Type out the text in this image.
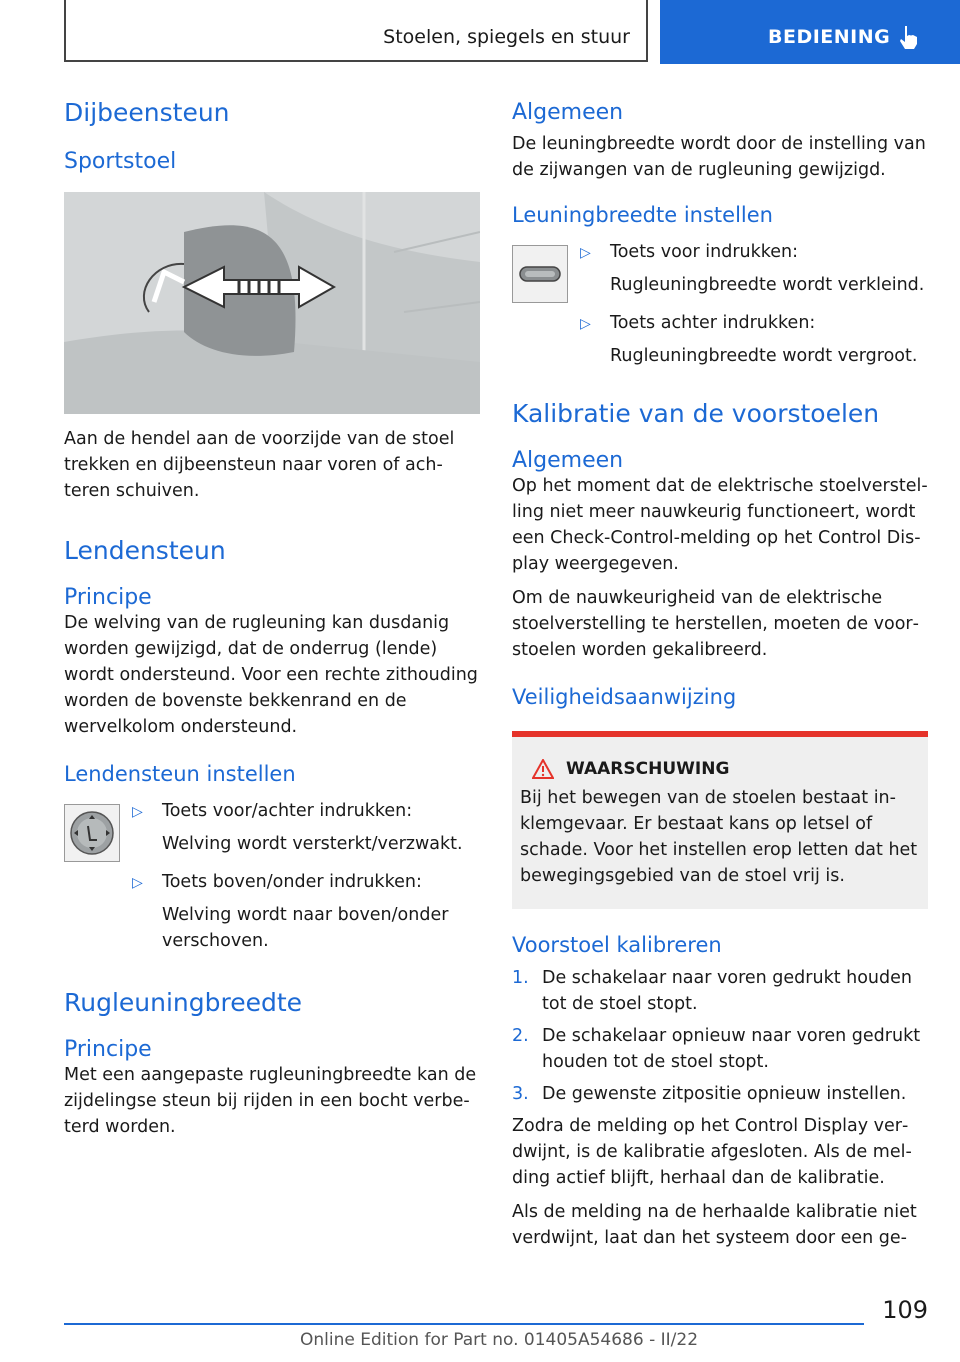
Stoelen, spiegels en stuur	BEDIENING
Dijbeensteun
Sportstoel

Aan de hendel aan de voorzijde van de stoel trekken en dijbeensteun naar voren of achteren schuiven.

Lendensteun
Principe

De welving van de rugleuning kan dusdanig worden gewijzigd, dat de onderrug (lende) wordt ondersteund. Voor een rechte zithouding worden de bovenste bekkenrand en de wervelkolom ondersteund.

Lendensteun instellen
▷	Toets voor/achter indrukken:
Welving wordt versterkt/verzwakt.
▷	Toets boven/onder indrukken:
Welving wordt naar boven/onder verschoven.
Rugleuningbreedte
Principe

Met een aangepaste rugleuningbreedte kan de zijdelingse steun bij rijden in een bocht verbeterd worden.

Algemeen

De leuningbreedte wordt door de instelling van de zijwangen van de rugleuning gewijzigd.

Leuningbreedte instellen
▷	Toets voor indrukken:
Rugleuningbreedte wordt verkleind.
▷	Toets achter indrukken:
Rugleuningbreedte wordt vergroot.
Kalibratie van de voorstoelen
Algemeen

Op het moment dat de elektrische stoelverstelling niet meer nauwkeurig functioneert, wordt een Check-Control-melding op het Control Display weergegeven.

Om de nauwkeurigheid van de elektrische stoelverstelling te herstellen, moeten de voorstoelen worden gekalibreerd.

Veiligheidsaanwijzing
WAARSCHUWING

Bij het bewegen van de stoelen bestaat inklemgevaar. Er bestaat kans op letsel of schade. Voor het instellen erop letten dat het bewegingsgebied van de stoel vrij is.

Voorstoel kalibreren
1. De schakelaar naar voren gedrukt houden tot de stoel stopt.
2. De schakelaar opnieuw naar voren gedrukt houden tot de stoel stopt.
3. De gewenste zitpositie opnieuw instellen.

Zodra de melding op het Control Display verdwijnt, is de kalibratie afgesloten. Als de melding actief blijft, herhaal dan de kalibratie.

Als de melding na de herhaalde kalibratie niet verdwijnt, laat dan het systeem door een ge-

109
Online Edition for Part no. 01405A54686 - II/22
